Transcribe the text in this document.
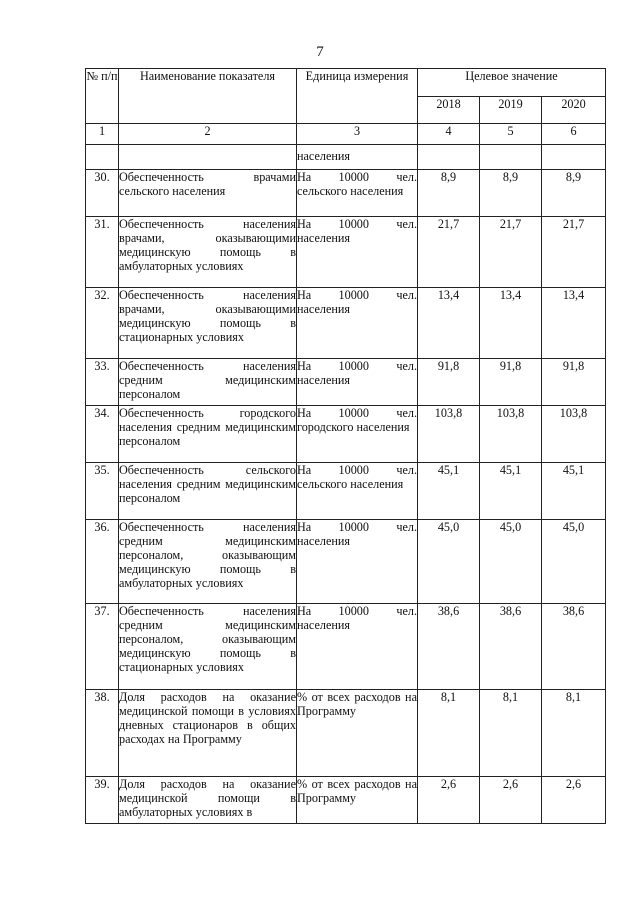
7
№ п/п	Наименование показателя	Единица измерения	Целевое значение		
			2018	2019	2020
1	2	3	4	5	6
		населения			
30.	Обеспеченность врачами сельского населения	На 10000 чел. сельского населения	8,9	8,9	8,9
31.	Обеспеченность населения врачами, оказывающими медицинскую помощь в амбулаторных условиях	На 10000 чел. населения	21,7	21,7	21,7
32.	Обеспеченность населения врачами, оказывающими медицинскую помощь в стационарных условиях	На 10000 чел. населения	13,4	13,4	13,4
33.	Обеспеченность населения средним медицинским персоналом	На 10000 чел. населения	91,8	91,8	91,8
34.	Обеспеченность городского населения средним медицинским персоналом	На 10000 чел. городского населения	103,8	103,8	103,8
35.	Обеспеченность сельского населения средним медицинским персоналом	На 10000 чел. сельского населения	45,1	45,1	45,1
36.	Обеспеченность населения средним медицинским персоналом, оказывающим медицинскую помощь в амбулаторных условиях	На 10000 чел. населения	45,0	45,0	45,0
37.	Обеспеченность населения средним медицинским персоналом, оказывающим медицинскую помощь в стационарных условиях	На 10000 чел. населения	38,6	38,6	38,6
38.	Доля расходов на оказание медицинской помощи в условиях дневных стационаров в общих расходах на Программу	% от всех расходов на Программу	8,1	8,1	8,1
39.	Доля расходов на оказание медицинской помощи в амбулаторных условиях в	% от всех расходов на Программу	2,6	2,6	2,6
